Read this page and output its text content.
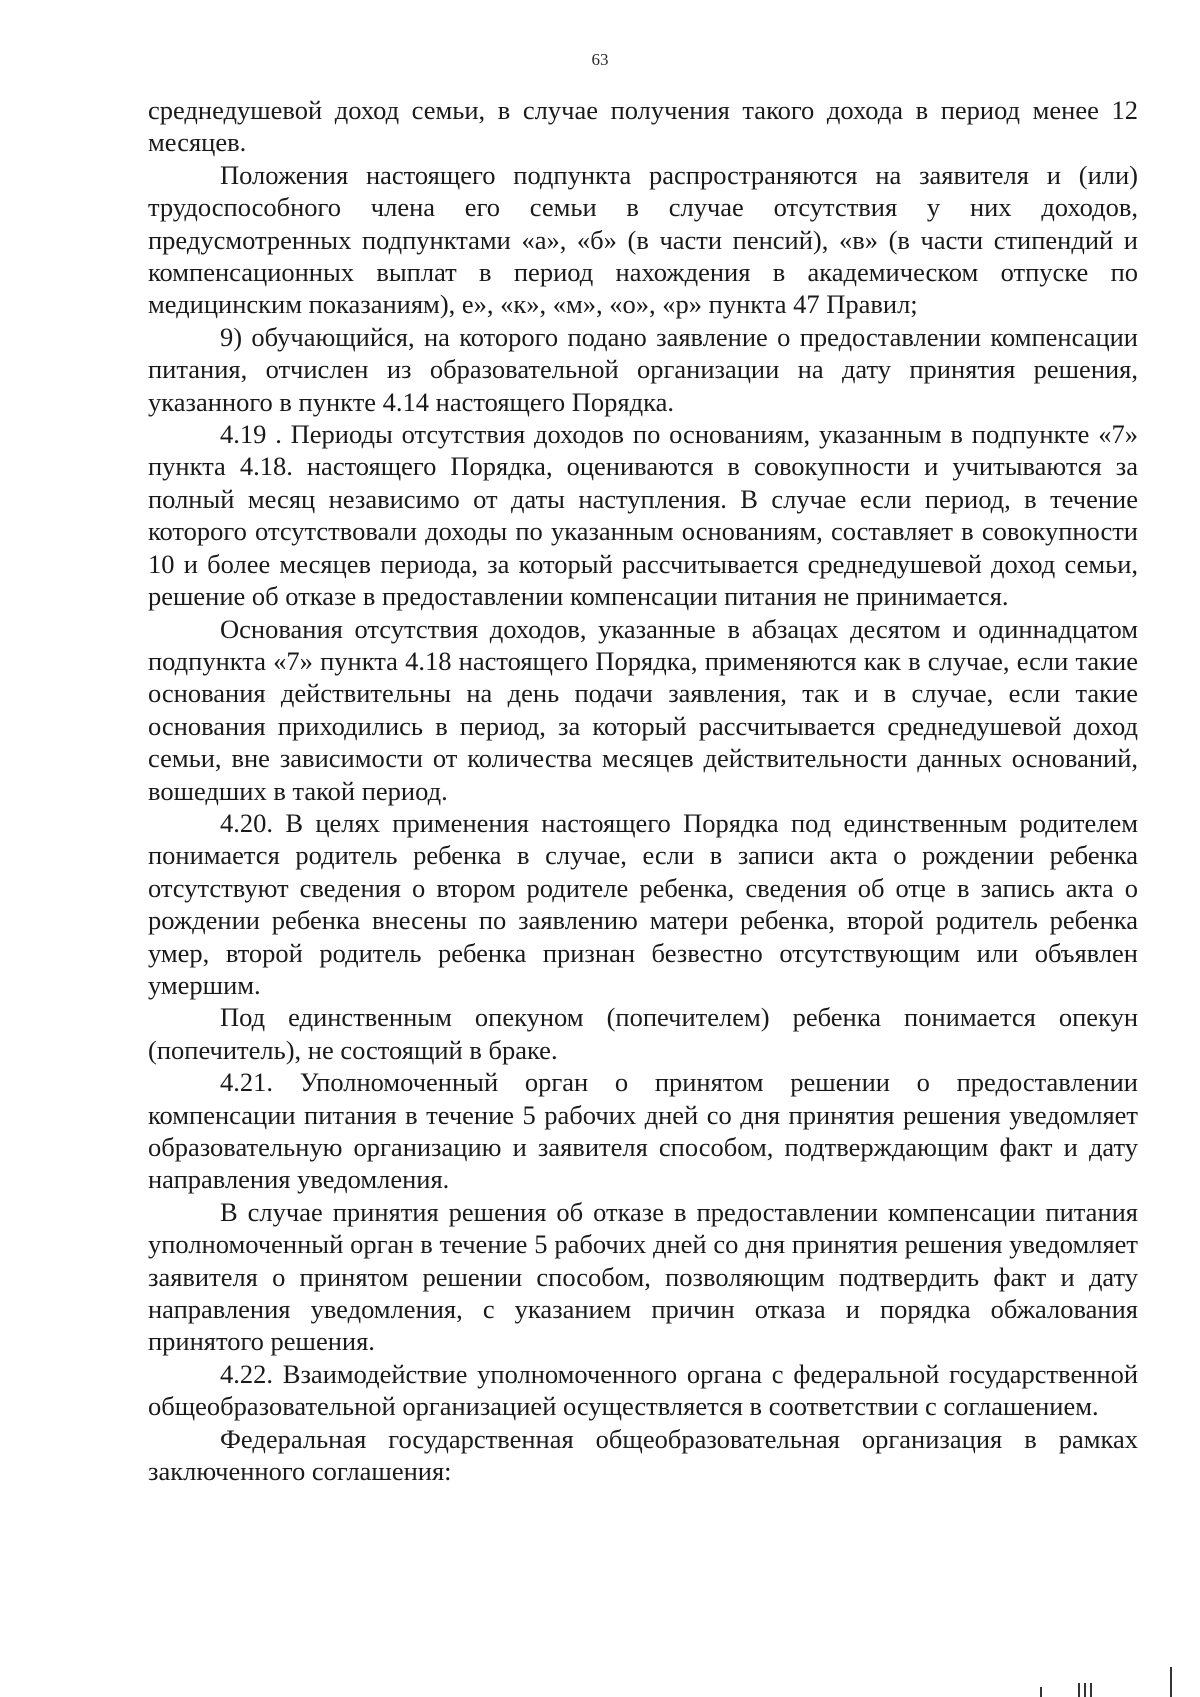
63

среднедушевой доход семьи, в случае получения такого дохода в период менее 12 месяцев.

Положения настоящего подпункта распространяются на заявителя и (или) трудоспособного члена его семьи в случае отсутствия у них доходов, предусмотренных подпунктами «а», «б» (в части пенсий), «в» (в части стипендий и компенсационных выплат в период нахождения в академическом отпуске по медицинским показаниям), е», «к», «м», «о», «р» пункта 47 Правил;

9) обучающийся, на которого подано заявление о предоставлении компенсации питания, отчислен из образовательной организации на дату принятия решения, указанного в пункте 4.14 настоящего Порядка.

4.19 . Периоды отсутствия доходов по основаниям, указанным в подпункте «7» пункта 4.18. настоящего Порядка, оцениваются в совокупности и учитываются за полный месяц независимо от даты наступления. В случае если период, в течение которого отсутствовали доходы по указанным основаниям, составляет в совокупности 10 и более месяцев периода, за который рассчитывается среднедушевой доход семьи, решение об отказе в предоставлении компенсации питания не принимается.

Основания отсутствия доходов, указанные в абзацах десятом и одиннадцатом подпункта «7» пункта 4.18 настоящего Порядка, применяются как в случае, если такие основания действительны на день подачи заявления, так и в случае, если такие основания приходились в период, за который рассчитывается среднедушевой доход семьи, вне зависимости от количества месяцев действительности данных оснований, вошедших в такой период.

4.20. В целях применения настоящего Порядка под единственным родителем понимается родитель ребенка в случае, если в записи акта о рождении ребенка отсутствуют сведения о втором родителе ребенка, сведения об отце в запись акта о рождении ребенка внесены по заявлению матери ребенка, второй родитель ребенка умер, второй родитель ребенка признан безвестно отсутствующим или объявлен умершим.

Под единственным опекуном (попечителем) ребенка понимается опекун (попечитель), не состоящий в браке.

4.21. Уполномоченный орган о принятом решении о предоставлении компенсации питания в течение 5 рабочих дней со дня принятия решения уведомляет образовательную организацию и заявителя способом, подтверждающим факт и дату направления уведомления.

В случае принятия решения об отказе в предоставлении компенсации питания уполномоченный орган в течение 5 рабочих дней со дня принятия решения уведомляет заявителя о принятом решении способом, позволяющим подтвердить факт и дату направления уведомления, с указанием причин отказа и порядка обжалования принятого решения.

4.22. Взаимодействие уполномоченного органа с федеральной государственной общеобразовательной организацией осуществляется в соответствии с соглашением.

Федеральная государственная общеобразовательная организация в рамках заключенного соглашения:
